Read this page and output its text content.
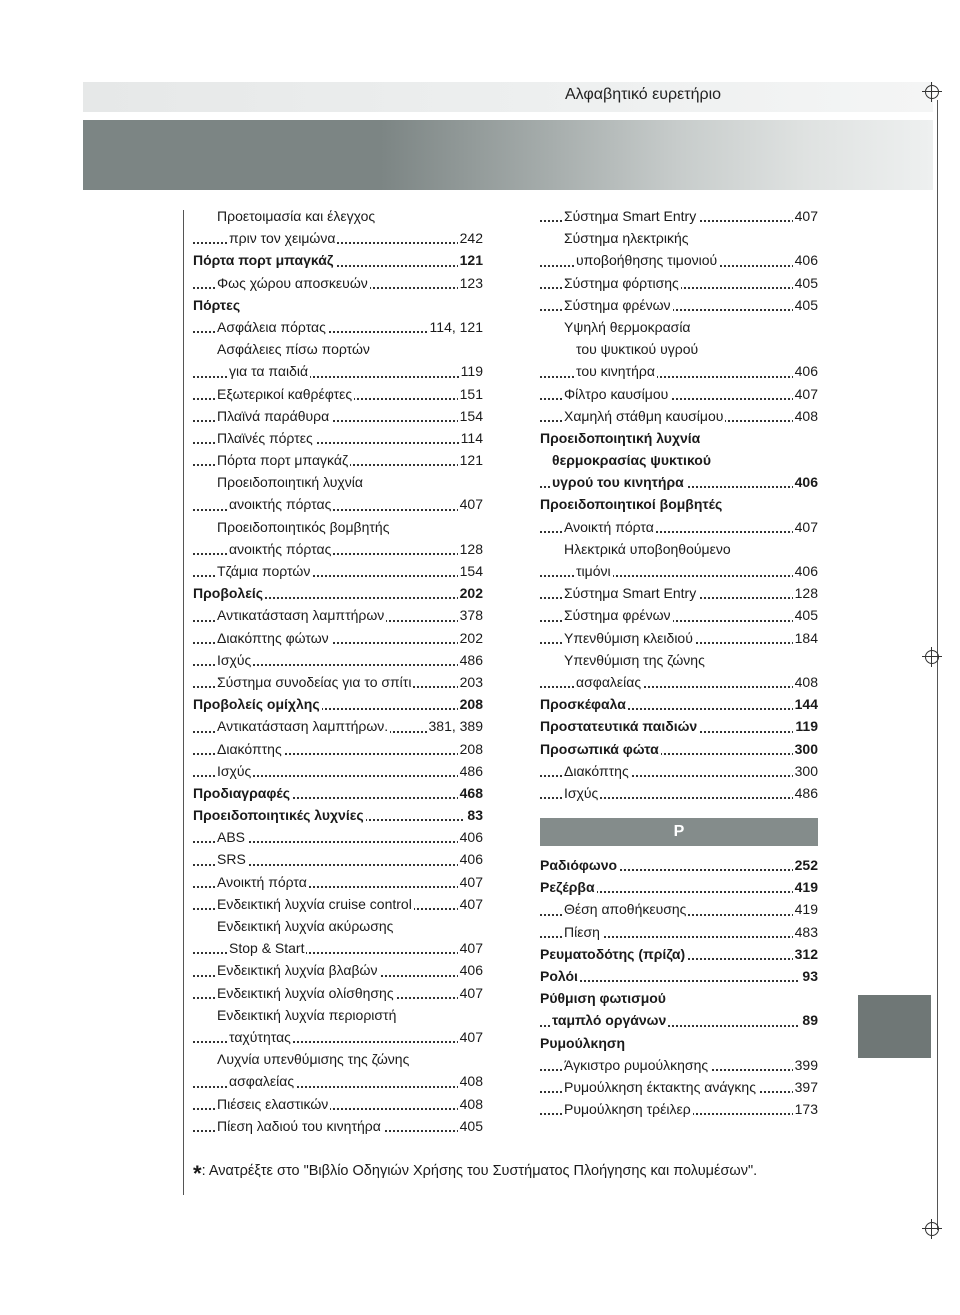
Αλφαβητικό ευρετήριο
Προετοιμασία και έλεγχος
πριν τον χειμώνα	242
Πόρτα πορτ μπαγκάζ	121
Φως χώρου αποσκευών	123
Πόρτες
Ασφάλεια πόρτας	114, 121
Ασφάλειες πίσω πορτών
για τα παιδιά	119
Εξωτερικοί καθρέφτες	151
Πλαϊνά παράθυρα	154
Πλαϊνές πόρτες	114
Πόρτα πορτ μπαγκάζ	121
Προειδοποιητική λυχνία
ανοικτής πόρτας	407
Προειδοποιητικός βομβητής
ανοικτής πόρτας	128
Τζάμια πορτών	154
Προβολείς	202
Αντικατάσταση λαμπτήρων	378
Διακόπτης φώτων	202
Ισχύς	486
Σύστημα συνοδείας για το σπίτι	203
Προβολείς ομίχλης	208
Αντικατάσταση λαμπτήρων.	381, 389
Διακόπτης	208
Ισχύς	486
Προδιαγραφές	468
Προειδοποιητικές λυχνίες	83
ABS	406
SRS	406
Ανοικτή πόρτα	407
Ενδεικτική λυχνία cruise control	407
Ενδεικτική λυχνία ακύρωσης
Stop & Start	407
Ενδεικτική λυχνία βλαβών	406
Ενδεικτική λυχνία ολίσθησης	407
Ενδεικτική λυχνία περιοριστή
ταχύτητας	407
Λυχνία υπενθύμισης της ζώνης
ασφαλείας	408
Πιέσεις ελαστικών	408
Πίεση λαδιού του κινητήρα	405
Σύστημα Smart Entry	407
Σύστημα ηλεκτρικής
υποβοήθησης τιμονιού	406
Σύστημα φόρτισης	405
Σύστημα φρένων	405
Υψηλή θερμοκρασία
του ψυκτικού υγρού
του κινητήρα	406
Φίλτρο καυσίμου	407
Χαμηλή στάθμη καυσίμου	408
Προειδοποιητική λυχνία
θερμοκρασίας ψυκτικού
υγρού του κινητήρα	406
Προειδοποιητικοί βομβητές
Ανοικτή πόρτα	407
Ηλεκτρικά υποβοηθούμενο
τιμόνι	406
Σύστημα Smart Entry	128
Σύστημα φρένων	405
Υπενθύμιση κλειδιού	184
Υπενθύμιση της ζώνης
ασφαλείας	408
Προσκέφαλα	144
Προστατευτικά παιδιών	119
Προσωπικά φώτα	300
Διακόπτης	300
Ισχύς	486
Ρ
Ραδιόφωνο	252
Ρεζέρβα	419
Θέση αποθήκευσης	419
Πίεση	483
Ρευματοδότης (πρίζα)	312
Ρολόι	93
Ρύθμιση φωτισμού
ταμπλό οργάνων	89
Ρυμούλκηση
Άγκιστρο ρυμούλκησης	399
Ρυμούλκηση έκτακτης ανάγκης	397
Ρυμούλκηση τρέιλερ	173
*: Ανατρέξτε στο "Βιβλίο Οδηγιών Χρήσης του Συστήματος Πλοήγησης και πολυμέσων".
